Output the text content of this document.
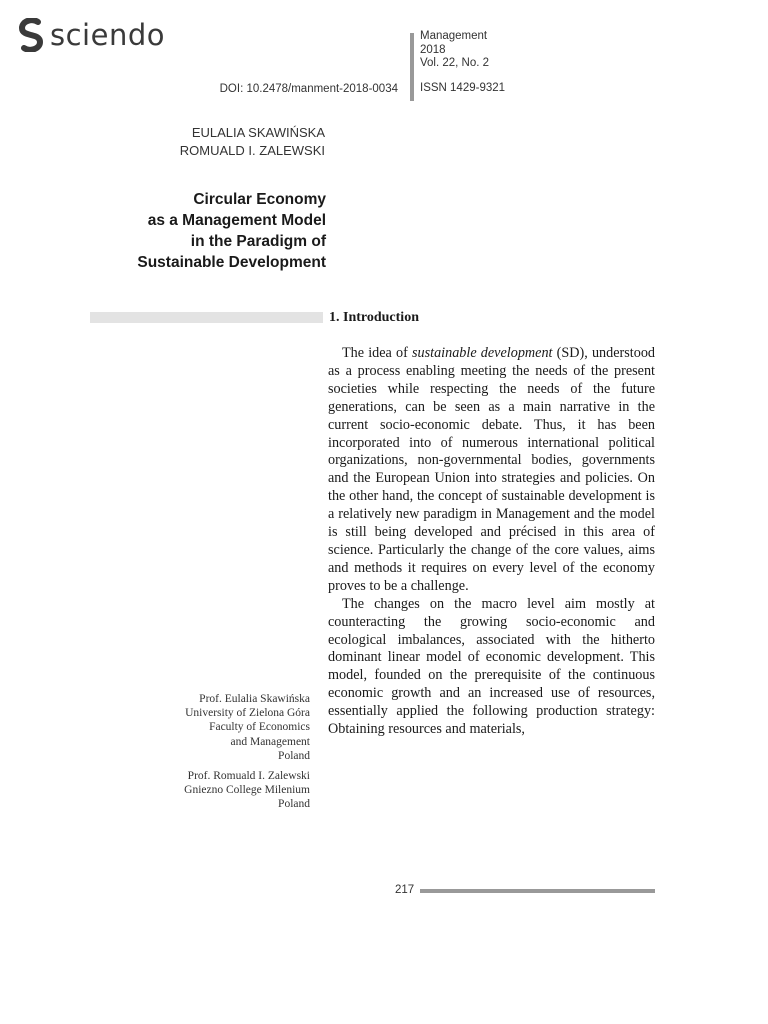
sciendo	Management
2018
Vol. 22, No. 2
ISSN 1429-9321
DOI: 10.2478/manment-2018-0034
EULALIA SKAWIŃSKA
ROMUALD I. ZALEWSKI
Circular Economy
as a Management Model
in the Paradigm of
Sustainable Development
1. Introduction

The idea of sustainable development (SD), understood as a process enabling meeting the needs of the present societies while respecting the needs of the future generations, can be seen as a main narrative in the current socio-economic debate. Thus, it has been incorporated into of numerous international political organizations, non-governmental bodies, governments and the European Union into strategies and policies. On the other hand, the concept of sustainable development is a relatively new paradigm in Management and the model is still being developed and précised in this area of science. Particularly the change of the core values, aims and methods it requires on every level of the economy proves to be a challenge.

The changes on the macro level aim mostly at counteracting the growing socio-economic and ecological imbalances, associated with the hitherto dominant linear model of economic development. This model, founded on the prerequisite of the continuous economic growth and an increased use of resources, essentially applied the following production strategy: Obtaining resources and materials,

Prof. Eulalia Skawińska
University of Zielona Góra
Faculty of Economics
and Management
Poland
Prof. Romuald I. Zalewski
Gniezno College Milenium
Poland
217
